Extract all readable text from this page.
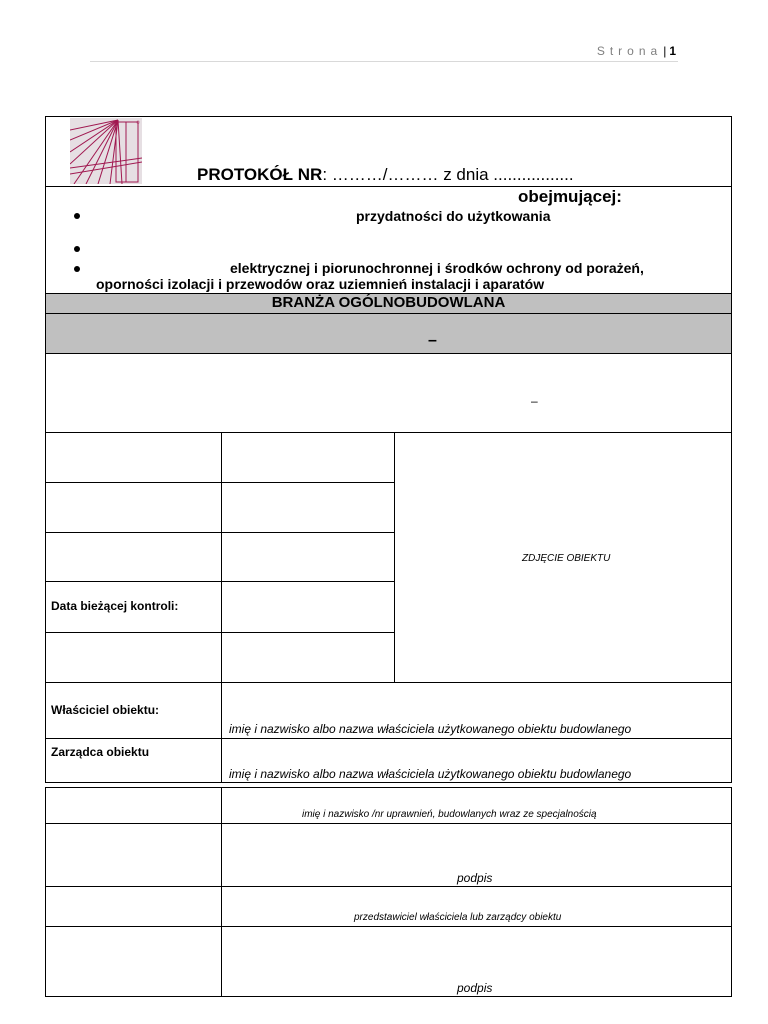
Strona| 1
®
PROTOKÓŁ NR: ………/……… z dnia .................
obejmującej:
przydatności do użytkowania
elektrycznej i piorunochronnej i środków ochrony od porażeń,
oporności izolacji i przewodów oraz uziemnień instalacji i aparatów
BRANŻA OGÓLNOBUDOWLANA
–
–
Data bieżącej kontroli:
ZDJĘCIE OBIEKTU
Właściciel obiektu:
imię i nazwisko albo nazwa właściciela użytkowanego obiektu budowlanego
Zarządca obiektu
imię i nazwisko albo nazwa właściciela użytkowanego obiektu budowlanego
imię i nazwisko /nr uprawnień, budowlanych wraz ze specjalnością
podpis
przedstawiciel właściciela lub zarządcy obiektu
podpis
